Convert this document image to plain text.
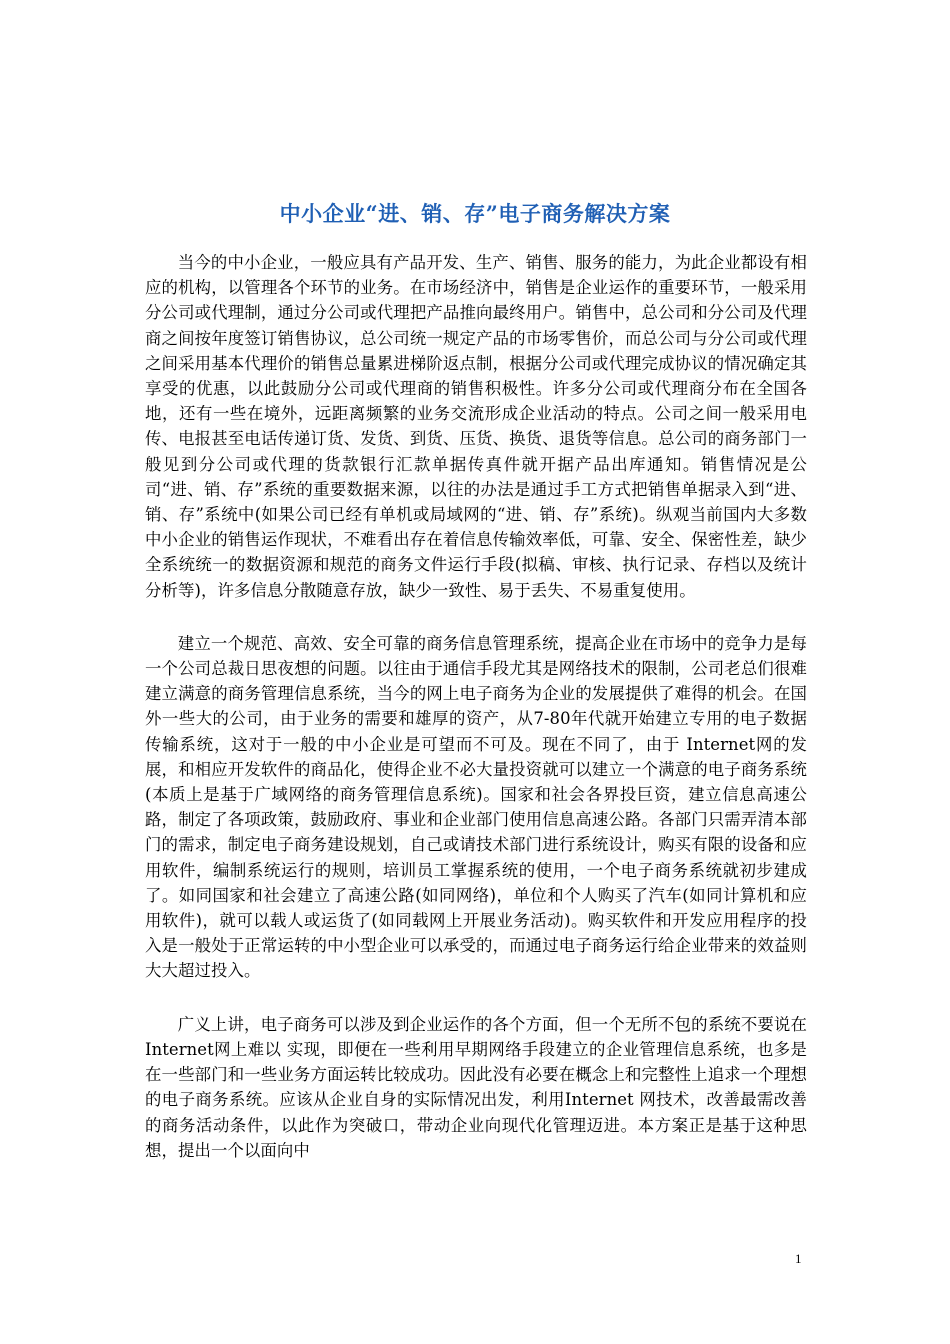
中小企业“进、销、存”电子商务解决方案

当今的中小企业，一般应具有产品开发、生产、销售、服务的能力，为此企业都设有相应的机构，以管理各个环节的业务。在市场经济中，销售是企业运作的重要环节，一般采用分公司或代理制，通过分公司或代理把产品推向最终用户。销售中，总公司和分公司及代理商之间按年度签订销售协议，总公司统一规定产品的市场零售价，而总公司与分公司或代理之间采用基本代理价的销售总量累进梯阶返点制，根据分公司或代理完成协议的情况确定其享受的优惠，以此鼓励分公司或代理商的销售积极性。许多分公司或代理商分布在全国各地，还有一些在境外，远距离频繁的业务交流形成企业活动的特点。公司之间一般采用电传、电报甚至电话传递订货、发货、到货、压货、换货、退货等信息。总公司的商务部门一般见到分公司或代理的货款银行汇款单据传真件就开据产品出库通知。销售情况是公司“进、销、存”系统的重要数据来源，以往的办法是通过手工方式把销售单据录入到“进、销、存”系统中(如果公司已经有单机或局域网的“进、销、存”系统)。纵观当前国内大多数中小企业的销售运作现状，不难看出存在着信息传输效率低，可靠、安全、保密性差，缺少全系统统一的数据资源和规范的商务文件运行手段(拟稿、审核、执行记录、存档以及统计分析等)，许多信息分散随意存放，缺少一致性、易于丢失、不易重复使用。

建立一个规范、高效、安全可靠的商务信息管理系统，提高企业在市场中的竞争力是每一个公司总裁日思夜想的问题。以往由于通信手段尤其是网络技术的限制，公司老总们很难建立满意的商务管理信息系统，当今的网上电子商务为企业的发展提供了难得的机会。在国外一些大的公司，由于业务的需要和雄厚的资产，从7-80年代就开始建立专用的电子数据传输系统，这对于一般的中小企业是可望而不可及。现在不同了，由于 Internet网的发展，和相应开发软件的商品化，使得企业不必大量投资就可以建立一个满意的电子商务系统(本质上是基于广域网络的商务管理信息系统)。国家和社会各界投巨资，建立信息高速公路，制定了各项政策，鼓励政府、事业和企业部门使用信息高速公路。各部门只需弄清本部门的需求，制定电子商务建设规划，自己或请技术部门进行系统设计，购买有限的设备和应用软件，编制系统运行的规则，培训员工掌握系统的使用，一个电子商务系统就初步建成了。如同国家和社会建立了高速公路(如同网络)，单位和个人购买了汽车(如同计算机和应用软件)，就可以载人或运货了(如同载网上开展业务活动)。购买软件和开发应用程序的投入是一般处于正常运转的中小型企业可以承受的，而通过电子商务运行给企业带来的效益则大大超过投入。

广义上讲，电子商务可以涉及到企业运作的各个方面，但一个无所不包的系统不要说在Internet网上难以 实现，即便在一些利用早期网络手段建立的企业管理信息系统，也多是在一些部门和一些业务方面运转比较成功。因此没有必要在概念上和完整性上追求一个理想的电子商务系统。应该从企业自身的实际情况出发，利用Internet 网技术，改善最需改善的商务活动条件，以此作为突破口，带动企业向现代化管理迈进。本方案正是基于这种思想，提出一个以面向中

1
